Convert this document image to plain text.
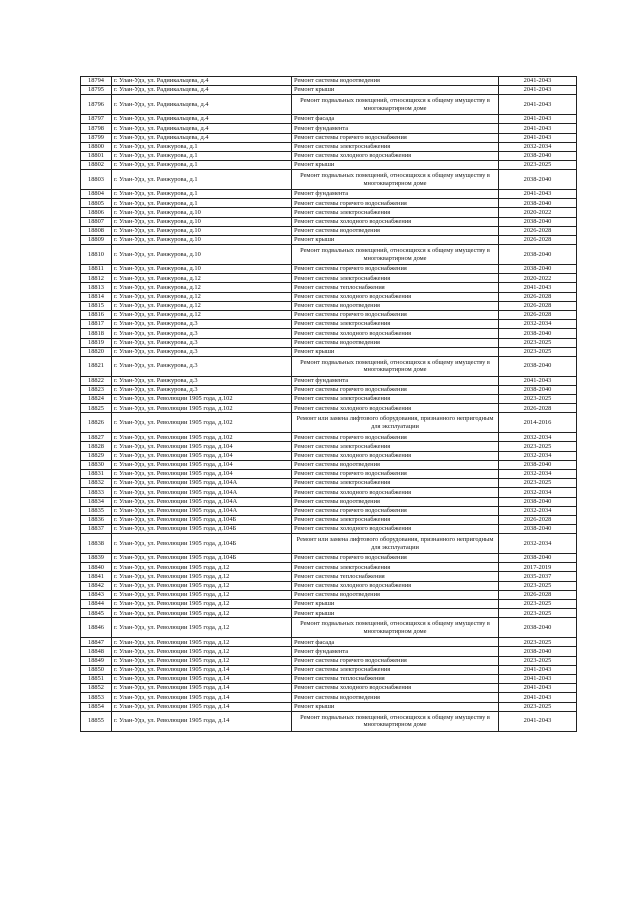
18794	г. Улан-Удэ, ул. Радиикальцева, д.4	Ремонт системы водоотведения	2041-2043
18795	г. Улан-Удэ, ул. Радиикальцева, д.4	Ремонт крыши	2041-2043
18796	г. Улан-Удэ, ул. Радиикальцева, д.4	Ремонт подвальных помещений, относящихся к общему имуществу в многоквартирном доме	2041-2043
18797	г. Улан-Удэ, ул. Радиикальцева, д.4	Ремонт фасада	2041-2043
18798	г. Улан-Удэ, ул. Радиикальцева, д.4	Ремонт фундамента	2041-2043
18799	г. Улан-Удэ, ул. Радиикальцева, д.4	Ремонт системы горячего водоснабжения	2041-2043
18800	г. Улан-Удэ, ул. Ранжурова, д.1	Ремонт системы электроснабжения	2032-2034
18801	г. Улан-Удэ, ул. Ранжурова, д.1	Ремонт системы холодного водоснабжения	2038-2040
18802	г. Улан-Удэ, ул. Ранжурова, д.1	Ремонт крыши	2023-2025
18803	г. Улан-Удэ, ул. Ранжурова, д.1	Ремонт подвальных помещений, относящихся к общему имуществу в многоквартирном доме	2038-2040
18804	г. Улан-Удэ, ул. Ранжурова, д.1	Ремонт фундамента	2041-2043
18805	г. Улан-Удэ, ул. Ранжурова, д.1	Ремонт системы горячего водоснабжения	2038-2040
18806	г. Улан-Удэ, ул. Ранжурова, д.10	Ремонт системы электроснабжения	2020-2022
18807	г. Улан-Удэ, ул. Ранжурова, д.10	Ремонт системы холодного водоснабжения	2038-2040
18808	г. Улан-Удэ, ул. Ранжурова, д.10	Ремонт системы водоотведения	2026-2028
18809	г. Улан-Удэ, ул. Ранжурова, д.10	Ремонт крыши	2026-2028
18810	г. Улан-Удэ, ул. Ранжурова, д.10	Ремонт подвальных помещений, относящихся к общему имуществу в многоквартирном доме	2038-2040
18811	г. Улан-Удэ, ул. Ранжурова, д.10	Ремонт системы горячего водоснабжения	2038-2040
18812	г. Улан-Удэ, ул. Ранжурова, д.12	Ремонт системы электроснабжения	2020-2022
18813	г. Улан-Удэ, ул. Ранжурова, д.12	Ремонт системы теплоснабжения	2041-2043
18814	г. Улан-Удэ, ул. Ранжурова, д.12	Ремонт системы холодного водоснабжения	2026-2028
18815	г. Улан-Удэ, ул. Ранжурова, д.12	Ремонт системы водоотведения	2026-2028
18816	г. Улан-Удэ, ул. Ранжурова, д.12	Ремонт системы горячего водоснабжения	2026-2028
18817	г. Улан-Удэ, ул. Ранжурова, д.3	Ремонт системы электроснабжения	2032-2034
18818	г. Улан-Удэ, ул. Ранжурова, д.3	Ремонт системы холодного водоснабжения	2038-2040
18819	г. Улан-Удэ, ул. Ранжурова, д.3	Ремонт системы водоотведения	2023-2025
18820	г. Улан-Удэ, ул. Ранжурова, д.3	Ремонт крыши	2023-2025
18821	г. Улан-Удэ, ул. Ранжурова, д.3	Ремонт подвальных помещений, относящихся к общему имуществу в многоквартирном доме	2038-2040
18822	г. Улан-Удэ, ул. Ранжурова, д.3	Ремонт фундамента	2041-2043
18823	г. Улан-Удэ, ул. Ранжурова, д.3	Ремонт системы горячего водоснабжения	2038-2040
18824	г. Улан-Удэ, ул. Революции 1905 года, д.102	Ремонт системы электроснабжения	2023-2025
18825	г. Улан-Удэ, ул. Революции 1905 года, д.102	Ремонт системы холодного водоснабжения	2026-2028
18826	г. Улан-Удэ, ул. Революции 1905 года, д.102	Ремонт или замена лифтового оборудования, признанного непригодным для эксплуатации	2014-2016
18827	г. Улан-Удэ, ул. Революции 1905 года, д.102	Ремонт системы горячего водоснабжения	2032-2034
18828	г. Улан-Удэ, ул. Революции 1905 года, д.104	Ремонт системы электроснабжения	2023-2025
18829	г. Улан-Удэ, ул. Революции 1905 года, д.104	Ремонт системы холодного водоснабжения	2032-2034
18830	г. Улан-Удэ, ул. Революции 1905 года, д.104	Ремонт системы водоотведения	2038-2040
18831	г. Улан-Удэ, ул. Революции 1905 года, д.104	Ремонт системы горячего водоснабжения	2032-2034
18832	г. Улан-Удэ, ул. Революции 1905 года, д.104А	Ремонт системы электроснабжения	2023-2025
18833	г. Улан-Удэ, ул. Революции 1905 года, д.104А	Ремонт системы холодного водоснабжения	2032-2034
18834	г. Улан-Удэ, ул. Революции 1905 года, д.104А	Ремонт системы водоотведения	2038-2040
18835	г. Улан-Удэ, ул. Революции 1905 года, д.104А	Ремонт системы горячего водоснабжения	2032-2034
18836	г. Улан-Удэ, ул. Революции 1905 года, д.104Б	Ремонт системы электроснабжения	2026-2028
18837	г. Улан-Удэ, ул. Революции 1905 года, д.104Б	Ремонт системы холодного водоснабжения	2038-2040
18838	г. Улан-Удэ, ул. Революции 1905 года, д.104Б	Ремонт или замена лифтового оборудования, признанного непригодным для эксплуатации	2032-2034
18839	г. Улан-Удэ, ул. Революции 1905 года, д.104Б	Ремонт системы горячего водоснабжения	2038-2040
18840	г. Улан-Удэ, ул. Революции 1905 года, д.12	Ремонт системы электроснабжения	2017-2019
18841	г. Улан-Удэ, ул. Революции 1905 года, д.12	Ремонт системы теплоснабжения	2035-2037
18842	г. Улан-Удэ, ул. Революции 1905 года, д.12	Ремонт системы холодного водоснабжения	2023-2025
18843	г. Улан-Удэ, ул. Революции 1905 года, д.12	Ремонт системы водоотведения	2026-2028
18844	г. Улан-Удэ, ул. Революции 1905 года, д.12	Ремонт крыши	2023-2025
18845	г. Улан-Удэ, ул. Революции 1905 года, д.12	Ремонт крыши	2023-2025
18846	г. Улан-Удэ, ул. Революции 1905 года, д.12	Ремонт подвальных помещений, относящихся к общему имуществу в многоквартирном доме	2038-2040
18847	г. Улан-Удэ, ул. Революции 1905 года, д.12	Ремонт фасада	2023-2025
18848	г. Улан-Удэ, ул. Революции 1905 года, д.12	Ремонт фундамента	2038-2040
18849	г. Улан-Удэ, ул. Революции 1905 года, д.12	Ремонт системы горячего водоснабжения	2023-2025
18850	г. Улан-Удэ, ул. Революции 1905 года, д.14	Ремонт системы электроснабжения	2041-2043
18851	г. Улан-Удэ, ул. Революции 1905 года, д.14	Ремонт системы теплоснабжения	2041-2043
18852	г. Улан-Удэ, ул. Революции 1905 года, д.14	Ремонт системы холодного водоснабжения	2041-2043
18853	г. Улан-Удэ, ул. Революции 1905 года, д.14	Ремонт системы водоотведения	2041-2043
18854	г. Улан-Удэ, ул. Революции 1905 года, д.14	Ремонт крыши	2023-2025
18855	г. Улан-Удэ, ул. Революции 1905 года, д.14	Ремонт подвальных помещений, относящихся к общему имуществу в многоквартирном доме	2041-2043
